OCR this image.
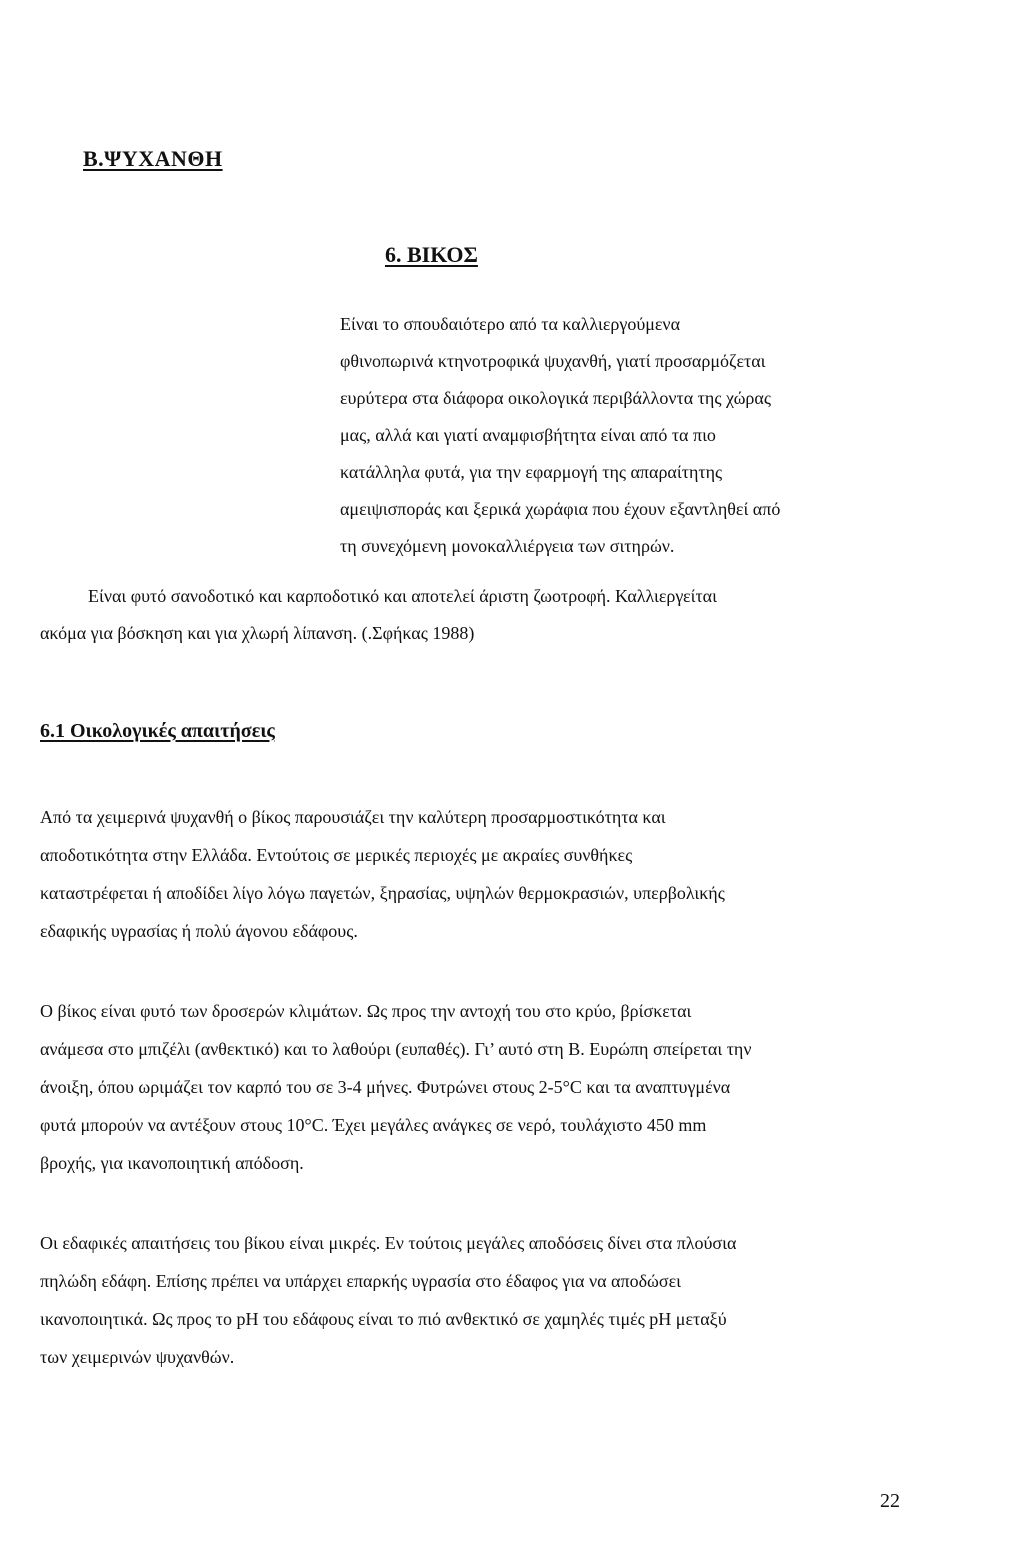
Β.ΨΥΧΑΝΘΗ
6. ΒΙΚΟΣ
Είναι το σπουδαιότερο από τα καλλιεργούμενα
φθινοπωρινά κτηνοτροφικά ψυχανθή, γιατί προσαρμόζεται
ευρύτερα στα διάφορα οικολογικά περιβάλλοντα της χώρας
μας, αλλά και γιατί αναμφισβήτητα είναι από τα πιο
κατάλληλα φυτά, για την εφαρμογή της απαραίτητης
αμειψισποράς και ξερικά χωράφια που έχουν εξαντληθεί από
τη συνεχόμενη μονοκαλλιέργεια των σιτηρών.
Είναι φυτό σανοδοτικό και καρποδοτικό και αποτελεί άριστη ζωοτροφή. Καλλιεργείται
ακόμα για βόσκηση και για χλωρή λίπανση. (.Σφήκας 1988)
6.1 Οικολογικές απαιτήσεις
Από τα χειμερινά ψυχανθή ο βίκος παρουσιάζει την καλύτερη προσαρμοστικότητα και
αποδοτικότητα στην Ελλάδα. Εντούτοις σε μερικές περιοχές με ακραίες συνθήκες
καταστρέφεται ή αποδίδει λίγο λόγω παγετών, ξηρασίας, υψηλών θερμοκρασιών, υπερβολικής
εδαφικής υγρασίας ή πολύ άγονου εδάφους.
Ο βίκος είναι φυτό των δροσερών κλιμάτων. Ως προς την αντοχή του στο κρύο, βρίσκεται
ανάμεσα στο μπιζέλι (ανθεκτικό) και το λαθούρι (ευπαθές). Γι’ αυτό στη Β. Ευρώπη σπείρεται την
άνοιξη, όπου ωριμάζει τον καρπό του σε 3-4 μήνες. Φυτρώνει στους 2-5°C και τα αναπτυγμένα
φυτά μπορούν να αντέξουν στους 10°C. Έχει μεγάλες ανάγκες σε νερό, τουλάχιστο 450 mm
βροχής, για ικανοποιητική απόδοση.
Οι εδαφικές απαιτήσεις του βίκου είναι μικρές. Εν τούτοις μεγάλες αποδόσεις δίνει στα πλούσια
πηλώδη εδάφη. Επίσης πρέπει να υπάρχει επαρκής υγρασία στο έδαφος για να αποδώσει
ικανοποιητικά. Ως προς το pH του εδάφους είναι το πιό ανθεκτικό σε χαμηλές τιμές pH μεταξύ
των χειμερινών ψυχανθών.
22
